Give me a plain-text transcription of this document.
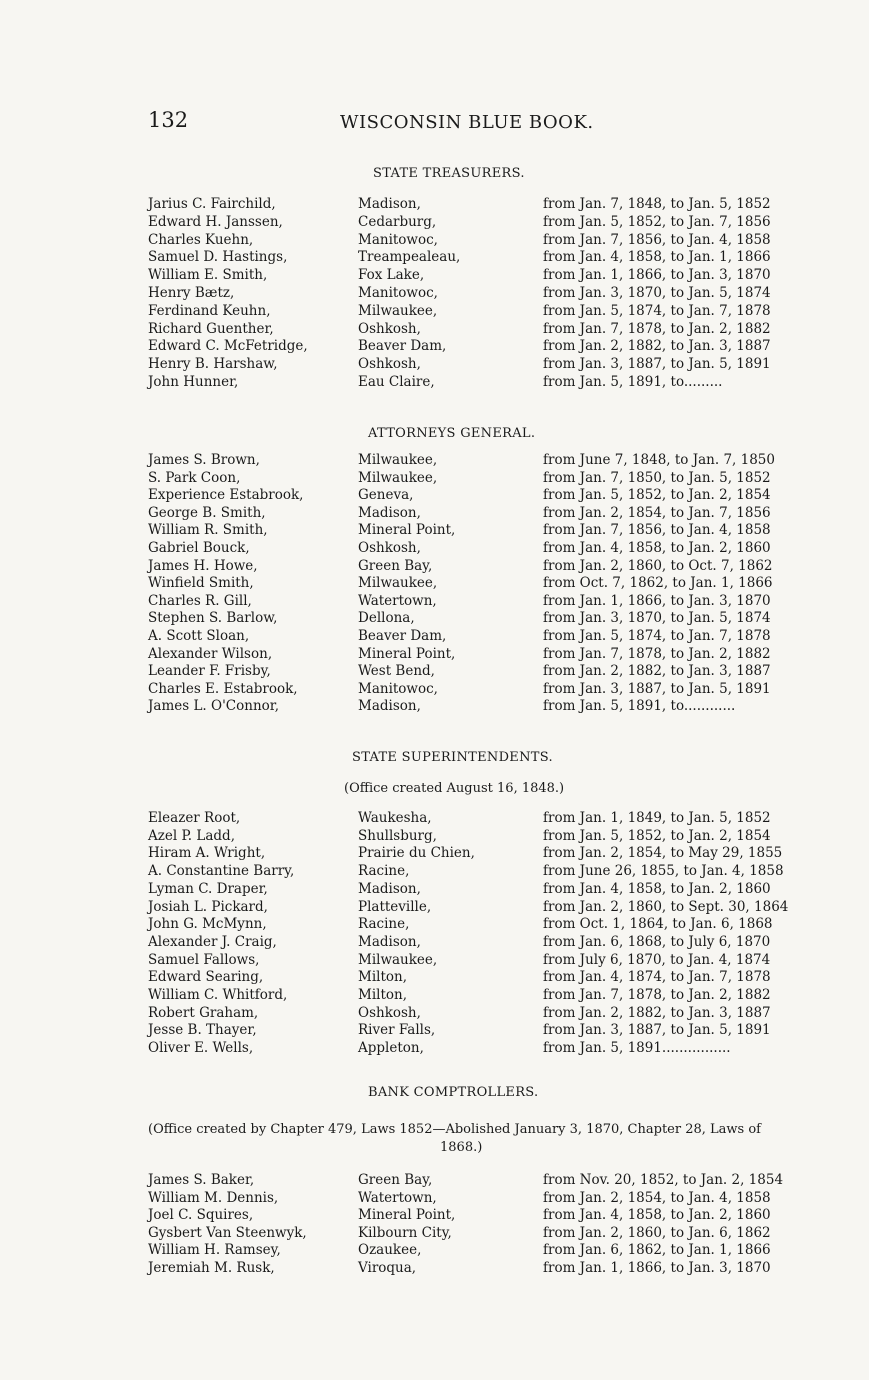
132	WISCONSIN BLUE BOOK.
STATE TREASURERS.
Jarius C. Fairchild,	Madison,	from Jan. 7, 1848, to Jan. 5, 1852
Edward H. Janssen,	Cedarburg,	from Jan. 5, 1852, to Jan. 7, 1856
Charles Kuehn,	Manitowoc,	from Jan. 7, 1856, to Jan. 4, 1858
Samuel D. Hastings,	Treampealeau,	from Jan. 4, 1858, to Jan. 1, 1866
William E. Smith,	Fox Lake,	from Jan. 1, 1866, to Jan. 3, 1870
Henry Bætz,	Manitowoc,	from Jan. 3, 1870, to Jan. 5, 1874
Ferdinand Keuhn,	Milwaukee,	from Jan. 5, 1874, to Jan. 7, 1878
Richard Guenther,	Oshkosh,	from Jan. 7, 1878, to Jan. 2, 1882
Edward C. McFetridge,	Beaver Dam,	from Jan. 2, 1882, to Jan. 3, 1887
Henry B. Harshaw,	Oshkosh,	from Jan. 3, 1887, to Jan. 5, 1891
John Hunner,	Eau Claire,	from Jan. 5, 1891, to.........
ATTORNEYS GENERAL.
James S. Brown,	Milwaukee,	from June 7, 1848, to Jan. 7, 1850
S. Park Coon,	Milwaukee,	from Jan. 7, 1850, to Jan. 5, 1852
Experience Estabrook,	Geneva,	from Jan. 5, 1852, to Jan. 2, 1854
George B. Smith,	Madison,	from Jan. 2, 1854, to Jan. 7, 1856
William R. Smith,	Mineral Point,	from Jan. 7, 1856, to Jan. 4, 1858
Gabriel Bouck,	Oshkosh,	from Jan. 4, 1858, to Jan. 2, 1860
James H. Howe,	Green Bay,	from Jan. 2, 1860, to Oct. 7, 1862
Winfield Smith,	Milwaukee,	from Oct. 7, 1862, to Jan. 1, 1866
Charles R. Gill,	Watertown,	from Jan. 1, 1866, to Jan. 3, 1870
Stephen S. Barlow,	Dellona,	from Jan. 3, 1870, to Jan. 5, 1874
A. Scott Sloan,	Beaver Dam,	from Jan. 5, 1874, to Jan. 7, 1878
Alexander Wilson,	Mineral Point,	from Jan. 7, 1878, to Jan. 2, 1882
Leander F. Frisby,	West Bend,	from Jan. 2, 1882, to Jan. 3, 1887
Charles E. Estabrook,	Manitowoc,	from Jan. 3, 1887, to Jan. 5, 1891
James L. O'Connor,	Madison,	from Jan. 5, 1891, to............
STATE SUPERINTENDENTS.
(Office created August 16, 1848.)
Eleazer Root,	Waukesha,	from Jan. 1, 1849, to Jan. 5, 1852
Azel P. Ladd,	Shullsburg,	from Jan. 5, 1852, to Jan. 2, 1854
Hiram A. Wright,	Prairie du Chien,	from Jan. 2, 1854, to May 29, 1855
A. Constantine Barry,	Racine,	from June 26, 1855, to Jan. 4, 1858
Lyman C. Draper,	Madison,	from Jan. 4, 1858, to Jan. 2, 1860
Josiah L. Pickard,	Platteville,	from Jan. 2, 1860, to Sept. 30, 1864
John G. McMynn,	Racine,	from Oct. 1, 1864, to Jan. 6, 1868
Alexander J. Craig,	Madison,	from Jan. 6, 1868, to July 6, 1870
Samuel Fallows,	Milwaukee,	from July 6, 1870, to Jan. 4, 1874
Edward Searing,	Milton,	from Jan. 4, 1874, to Jan. 7, 1878
William C. Whitford,	Milton,	from Jan. 7, 1878, to Jan. 2, 1882
Robert Graham,	Oshkosh,	from Jan. 2, 1882, to Jan. 3, 1887
Jesse B. Thayer,	River Falls,	from Jan. 3, 1887, to Jan. 5, 1891
Oliver E. Wells,	Appleton,	from Jan. 5, 1891................
BANK COMPTROLLERS.
(Office created by Chapter 479, Laws 1852—Abolished January 3, 1870, Chapter 28, Laws of
1868.)
James S. Baker,	Green Bay,	from Nov. 20, 1852, to Jan. 2, 1854
William M. Dennis,	Watertown,	from Jan. 2, 1854, to Jan. 4, 1858
Joel C. Squires,	Mineral Point,	from Jan. 4, 1858, to Jan. 2, 1860
Gysbert Van Steenwyk,	Kilbourn City,	from Jan. 2, 1860, to Jan. 6, 1862
William H. Ramsey,	Ozaukee,	from Jan. 6, 1862, to Jan. 1, 1866
Jeremiah M. Rusk,	Viroqua,	from Jan. 1, 1866, to Jan. 3, 1870
